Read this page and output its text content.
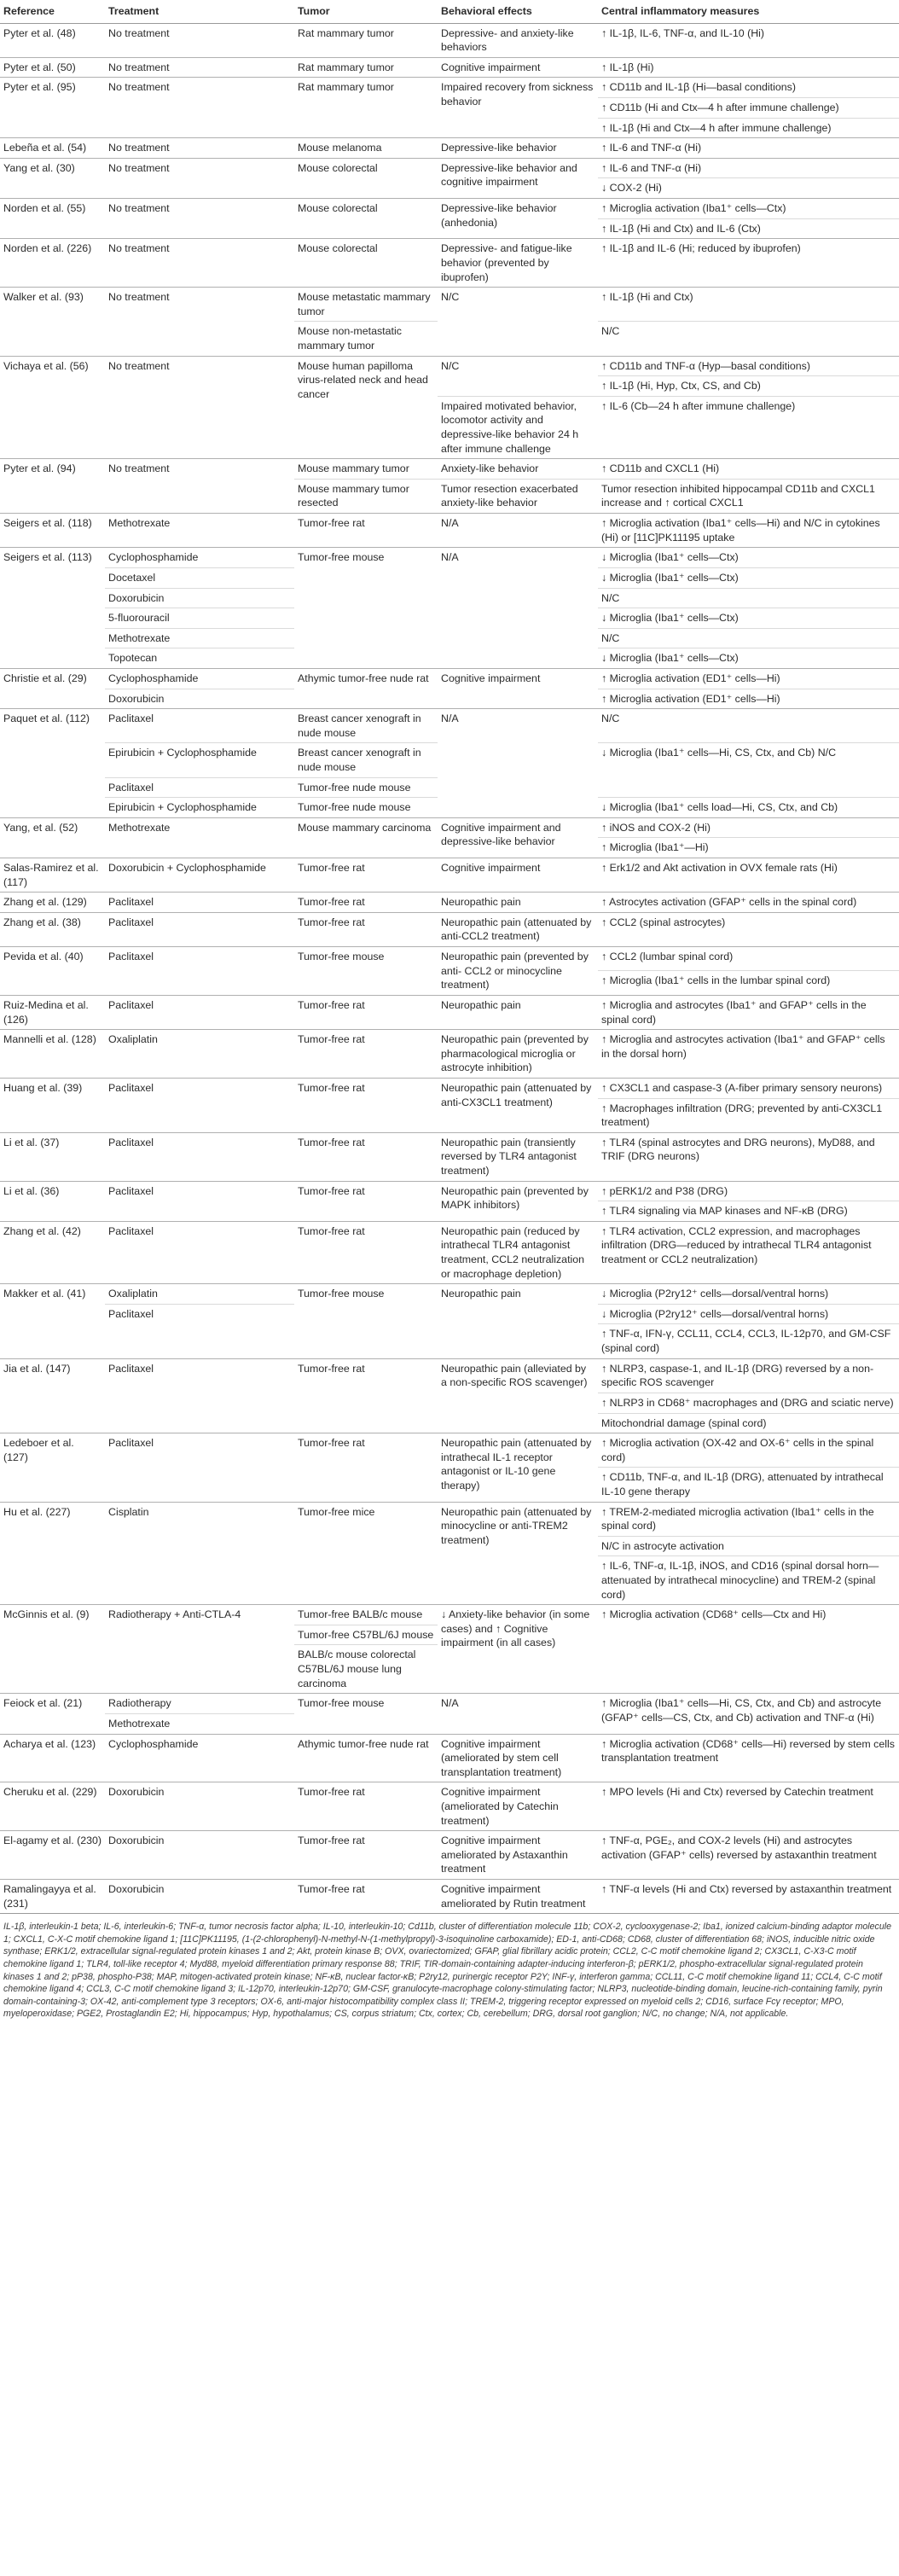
Reference	Treatment	Tumor	Behavioral effects	Central inflammatory measures
Pyter et al. (48)	No treatment	Rat mammary tumor	Depressive- and anxiety-like behaviors	↑ IL-1β, IL-6, TNF-α, and IL-10 (Hi)
Pyter et al. (50)	No treatment	Rat mammary tumor	Cognitive impairment	↑ IL-1β (Hi)
Pyter et al. (95)	No treatment	Rat mammary tumor	Impaired recovery from sickness behavior	↑ CD11b and IL-1β (Hi—basal conditions)
				↑ CD11b (Hi and Ctx—4 h after immune challenge)
				↑ IL-1β (Hi and Ctx—4 h after immune challenge)
Lebeña et al. (54)	No treatment	Mouse melanoma	Depressive-like behavior	↑ IL-6 and TNF-α (Hi)
Yang et al. (30)	No treatment	Mouse colorectal	Depressive-like behavior and cognitive impairment	↑ IL-6 and TNF-α (Hi)
				↓ COX-2 (Hi)
Norden et al. (55)	No treatment	Mouse colorectal	Depressive-like behavior (anhedonia)	↑ Microglia activation (Iba1⁺ cells—Ctx)
				↑ IL-1β (Hi and Ctx) and IL-6 (Ctx)
Norden et al. (226)	No treatment	Mouse colorectal	Depressive- and fatigue-like behavior (prevented by ibuprofen)	↑ IL-1β and IL-6 (Hi; reduced by ibuprofen)
Walker et al. (93)	No treatment	Mouse metastatic mammary tumor	N/C	↑ IL-1β (Hi and Ctx)
		Mouse non-metastatic mammary tumor		N/C
Vichaya et al. (56)	No treatment	Mouse human papilloma virus-related neck and head cancer	N/C	↑ CD11b and TNF-α (Hyp—basal conditions)
				↑ IL-1β (Hi, Hyp, Ctx, CS, and Cb)
			Impaired motivated behavior, locomotor activity and depressive-like behavior 24 h after immune challenge	↑ IL-6 (Cb—24 h after immune challenge)
Pyter et al. (94)	No treatment	Mouse mammary tumor	Anxiety-like behavior	↑ CD11b and CXCL1 (Hi)
		Mouse mammary tumor resected	Tumor resection exacerbated anxiety-like behavior	Tumor resection inhibited hippocampal CD11b and CXCL1 increase and ↑ cortical CXCL1
Seigers et al. (118)	Methotrexate	Tumor-free rat	N/A	↑ Microglia activation (Iba1⁺ cells—Hi) and N/C in cytokines (Hi) or [11C]PK11195 uptake
Seigers et al. (113)	Cyclophosphamide	Tumor-free mouse	N/A	↓ Microglia (Iba1⁺ cells—Ctx)
	Docetaxel			↓ Microglia (Iba1⁺ cells—Ctx)
	Doxorubicin			N/C
	5-fluorouracil			↓ Microglia (Iba1⁺ cells—Ctx)
	Methotrexate			N/C
	Topotecan			↓ Microglia (Iba1⁺ cells—Ctx)
Christie et al. (29)	Cyclophosphamide	Athymic tumor-free nude rat	Cognitive impairment	↑ Microglia activation (ED1⁺ cells—Hi)
	Doxorubicin			↑ Microglia activation (ED1⁺ cells—Hi)
Paquet et al. (112)	Paclitaxel	Breast cancer xenograft in nude mouse	N/A	N/C
	Epirubicin + Cyclophosphamide	Breast cancer xenograft in nude mouse		↓ Microglia (Iba1⁺ cells—Hi, CS, Ctx, and Cb) N/C
	Paclitaxel	Tumor-free nude mouse		
	Epirubicin + Cyclophosphamide	Tumor-free nude mouse		↓ Microglia (Iba1⁺ cells load—Hi, CS, Ctx, and Cb)
Yang, et al. (52)	Methotrexate	Mouse mammary carcinoma	Cognitive impairment and depressive-like behavior	↑ iNOS and COX-2 (Hi)
				↑ Microglia (Iba1⁺—Hi)
Salas-Ramirez et al. (117)	Doxorubicin + Cyclophosphamide	Tumor-free rat	Cognitive impairment	↑ Erk1/2 and Akt activation in OVX female rats (Hi)
Zhang et al. (129)	Paclitaxel	Tumor-free rat	Neuropathic pain	↑ Astrocytes activation (GFAP⁺ cells in the spinal cord)
Zhang et al. (38)	Paclitaxel	Tumor-free rat	Neuropathic pain (attenuated by anti-CCL2 treatment)	↑ CCL2 (spinal astrocytes)
Pevida et al. (40)	Paclitaxel	Tumor-free mouse	Neuropathic pain (prevented by anti- CCL2 or minocycline treatment)	↑ CCL2 (lumbar spinal cord)
				↑ Microglia (Iba1⁺ cells in the lumbar spinal cord)
Ruiz-Medina et al. (126)	Paclitaxel	Tumor-free rat	Neuropathic pain	↑ Microglia and astrocytes (Iba1⁺ and GFAP⁺ cells in the spinal cord)
Mannelli et al. (128)	Oxaliplatin	Tumor-free rat	Neuropathic pain (prevented by pharmacological microglia or astrocyte inhibition)	↑ Microglia and astrocytes activation (Iba1⁺ and GFAP⁺ cells in the dorsal horn)
Huang et al. (39)	Paclitaxel	Tumor-free rat	Neuropathic pain (attenuated by anti-CX3CL1 treatment)	↑ CX3CL1 and caspase-3 (A-fiber primary sensory neurons)
				↑ Macrophages infiltration (DRG; prevented by anti-CX3CL1 treatment)
Li et al. (37)	Paclitaxel	Tumor-free rat	Neuropathic pain (transiently reversed by TLR4 antagonist treatment)	↑ TLR4 (spinal astrocytes and DRG neurons), MyD88, and TRIF (DRG neurons)
Li et al. (36)	Paclitaxel	Tumor-free rat	Neuropathic pain (prevented by MAPK inhibitors)	↑ pERK1/2 and P38 (DRG)
				↑ TLR4 signaling via MAP kinases and NF-κB (DRG)
Zhang et al. (42)	Paclitaxel	Tumor-free rat	Neuropathic pain (reduced by intrathecal TLR4 antagonist treatment, CCL2 neutralization or macrophage depletion)	↑ TLR4 activation, CCL2 expression, and macrophages infiltration (DRG—reduced by intrathecal TLR4 antagonist treatment or CCL2 neutralization)
Makker et al. (41)	Oxaliplatin	Tumor-free mouse	Neuropathic pain	↓ Microglia (P2ry12⁺ cells—dorsal/ventral horns)
	Paclitaxel			↓ Microglia (P2ry12⁺ cells—dorsal/ventral horns)
				↑ TNF-α, IFN-γ, CCL11, CCL4, CCL3, IL-12p70, and GM-CSF (spinal cord)
Jia et al. (147)	Paclitaxel	Tumor-free rat	Neuropathic pain (alleviated by a non-specific ROS scavenger)	↑ NLRP3, caspase-1, and IL-1β (DRG) reversed by a non-specific ROS scavenger
				↑ NLRP3 in CD68⁺ macrophages and (DRG and sciatic nerve)
				Mitochondrial damage (spinal cord)
Ledeboer et al. (127)	Paclitaxel	Tumor-free rat	Neuropathic pain (attenuated by intrathecal IL-1 receptor antagonist or IL-10 gene therapy)	↑ Microglia activation (OX-42 and OX-6⁺ cells in the spinal cord)
				↑ CD11b, TNF-α, and IL-1β (DRG), attenuated by intrathecal IL-10 gene therapy
Hu et al. (227)	Cisplatin	Tumor-free mice	Neuropathic pain (attenuated by minocycline or anti-TREM2 treatment)	↑ TREM-2-mediated microglia activation (Iba1⁺ cells in the spinal cord)
				N/C in astrocyte activation
				↑ IL-6, TNF-α, IL-1β, iNOS, and CD16 (spinal dorsal horn—attenuated by intrathecal minocycline) and TREM-2 (spinal cord)
McGinnis et al. (9)	Radiotherapy + Anti-CTLA-4	Tumor-free BALB/c mouse	↓ Anxiety-like behavior (in some cases) and ↑ Cognitive impairment (in all cases)	↑ Microglia activation (CD68⁺ cells—Ctx and Hi)
		Tumor-free C57BL/6J mouse		
		BALB/c mouse colorectal C57BL/6J mouse lung carcinoma		
Feiock et al. (21)	Radiotherapy	Tumor-free mouse	N/A	↑ Microglia (Iba1⁺ cells—Hi, CS, Ctx, and Cb) and astrocyte (GFAP⁺ cells—CS, Ctx, and Cb) activation and TNF-α (Hi)
	Methotrexate			
Acharya et al. (123)	Cyclophosphamide	Athymic tumor-free nude rat	Cognitive impairment (ameliorated by stem cell transplantation treatment)	↑ Microglia activation (CD68⁺ cells—Hi) reversed by stem cells transplantation treatment
Cheruku et al. (229)	Doxorubicin	Tumor-free rat	Cognitive impairment (ameliorated by Catechin treatment)	↑ MPO levels (Hi and Ctx) reversed by Catechin treatment
El-agamy et al. (230)	Doxorubicin	Tumor-free rat	Cognitive impairment ameliorated by Astaxanthin treatment	↑ TNF-α, PGE₂, and COX-2 levels (Hi) and astrocytes activation (GFAP⁺ cells) reversed by astaxanthin treatment
Ramalingayya et al. (231)	Doxorubicin	Tumor-free rat	Cognitive impairment ameliorated by Rutin treatment	↑ TNF-α levels (Hi and Ctx) reversed by astaxanthin treatment
IL-1β, interleukin-1 beta; IL-6, interleukin-6; TNF-α, tumor necrosis factor alpha; IL-10, interleukin-10; Cd11b, cluster of differentiation molecule 11b; COX-2, cyclooxygenase-2; Iba1, ionized calcium-binding adaptor molecule 1; CXCL1, C-X-C motif chemokine ligand 1; [11C]PK11195, (1-(2-chlorophenyl)-N-methyl-N-(1-methylpropyl)-3-isoquinoline carboxamide); ED-1, anti-CD68; CD68, cluster of differentiation 68; iNOS, inducible nitric oxide synthase; ERK1/2, extracellular signal-regulated protein kinases 1 and 2; Akt, protein kinase B; OVX, ovariectomized; GFAP, glial fibrillary acidic protein; CCL2, C-C motif chemokine ligand 2; CX3CL1, C-X3-C motif chemokine ligand 1; TLR4, toll-like receptor 4; Myd88, myeloid differentiation primary response 88; TRIF, TIR-domain-containing adapter-inducing interferon-β; pERK1/2, phospho-extracellular signal-regulated protein kinases 1 and 2; pP38, phospho-P38; MAP, mitogen-activated protein kinase; NF-κB, nuclear factor-κB; P2ry12, purinergic receptor P2Y; INF-γ, interferon gamma; CCL11, C-C motif chemokine ligand 11; CCL4, C-C motif chemokine ligand 4; CCL3, C-C motif chemokine ligand 3; IL-12p70, interleukin-12p70; GM-CSF, granulocyte-macrophage colony-stimulating factor; NLRP3, nucleotide-binding domain, leucine-rich-containing family, pyrin domain-containing-3; OX-42, anti-complement type 3 receptors; OX-6, anti-major histocompatibility complex class II; TREM-2, triggering receptor expressed on myeloid cells 2; CD16, surface Fcγ receptor; MPO, myeloperoxidase; PGE2, Prostaglandin E2; Hi, hippocampus; Hyp, hypothalamus; CS, corpus striatum; Ctx, cortex; Cb, cerebellum; DRG, dorsal root ganglion; N/C, no change; N/A, not applicable.
